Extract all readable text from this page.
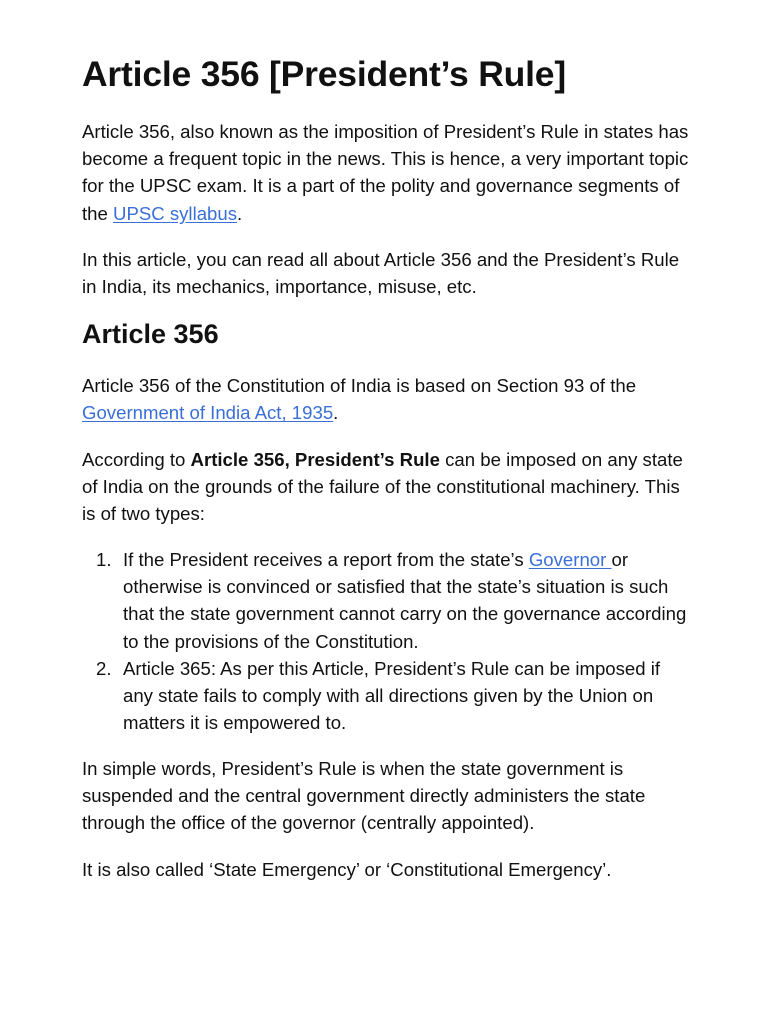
Article 356 [President’s Rule]

Article 356, also known as the imposition of President’s Rule in states has become a frequent topic in the news. This is hence, a very important topic for the UPSC exam. It is a part of the polity and governance segments of the UPSC syllabus.

In this article, you can read all about Article 356 and the President’s Rule in India, its mechanics, importance, misuse, etc.

Article 356

Article 356 of the Constitution of India is based on Section 93 of the Government of India Act, 1935.

According to Article 356, President’s Rule can be imposed on any state of India on the grounds of the failure of the constitutional machinery. This is of two types:

1. If the President receives a report from the state’s Governor or otherwise is convinced or satisfied that the state’s situation is such that the state government cannot carry on the governance according to the provisions of the Constitution.
2. Article 365: As per this Article, President’s Rule can be imposed if any state fails to comply with all directions given by the Union on matters it is empowered to.

In simple words, President’s Rule is when the state government is suspended and the central government directly administers the state through the office of the governor (centrally appointed).

It is also called ‘State Emergency’ or ‘Constitutional Emergency’.
